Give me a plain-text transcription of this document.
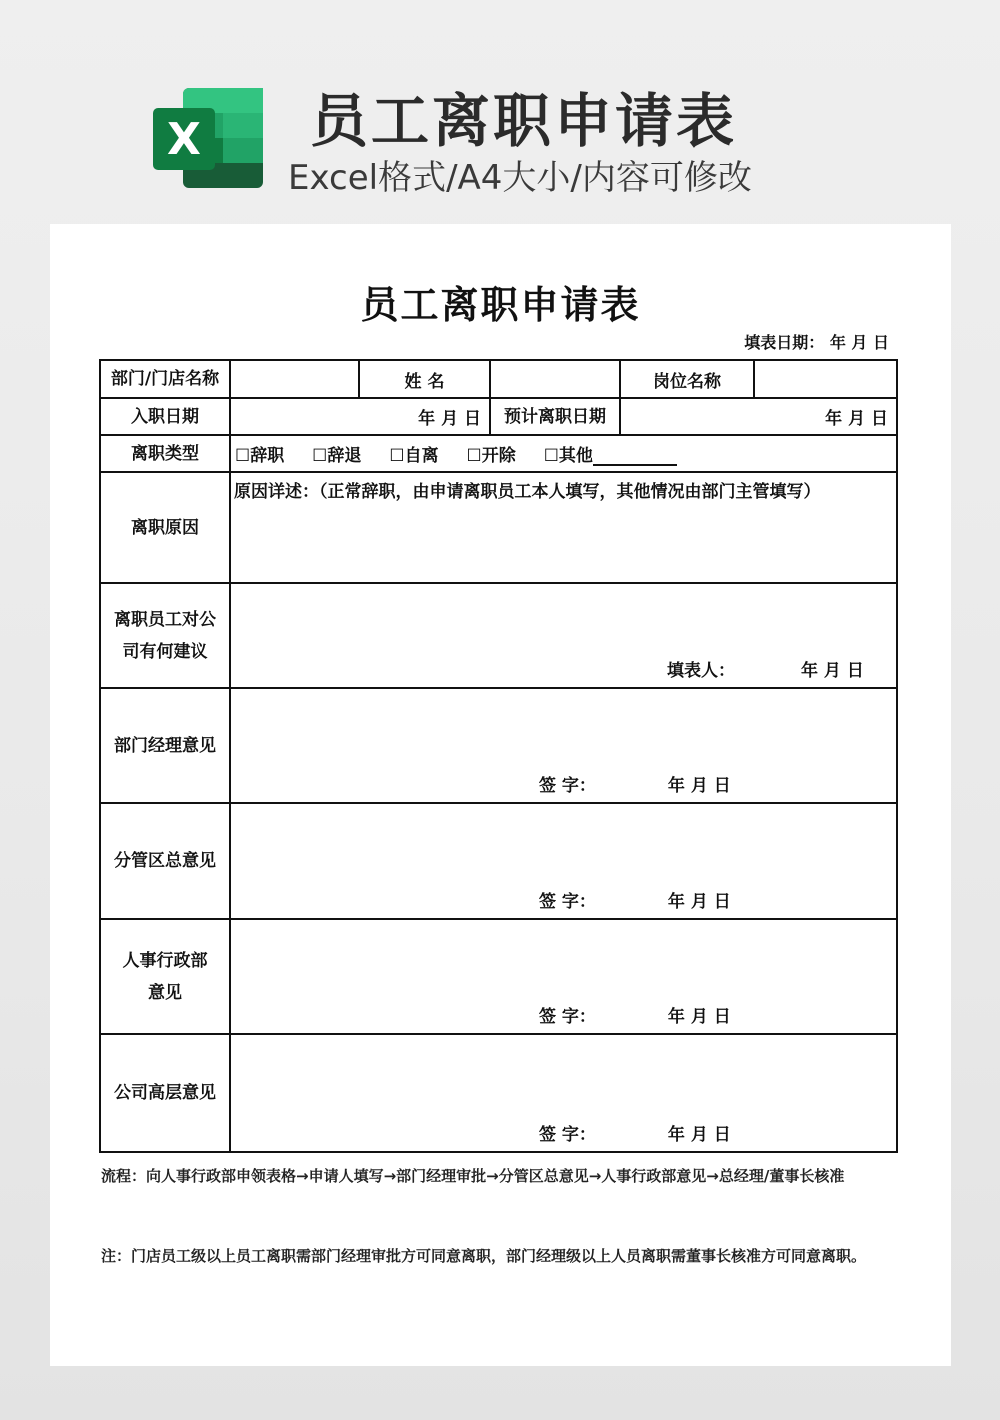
X 员工离职申请表
Excel格式/A4大小/内容可修改
员工离职申请表
填表日期： 年 月 日
部门/门店名称		姓 名		岗位名称	
入职日期	年 月 日		预计离职日期	年 月 日	
离职类型	☐辞职 ☐辞退 ☐自离 ☐开除 ☐其他				
离职原因	原因详述：（正常辞职，由申请离职员工本人填写，其他情况由部门主管填写）				

离职员工对公
司有何建议	填表人： 年 月 日				

部门经理意见	签 字： 年 月 日				

分管区总意见	签 字： 年 月 日				

人事行政部
意见	签 字： 年 月 日				

公司高层意见	签 字： 年 月 日				
流程：向人事行政部申领表格→申请人填写→部门经理审批→分管区总意见→人事行政部意见→总经理/董事长核准
注：门店员工级以上员工离职需部门经理审批方可同意离职，部门经理级以上人员离职需董事长核准方可同意离职。
